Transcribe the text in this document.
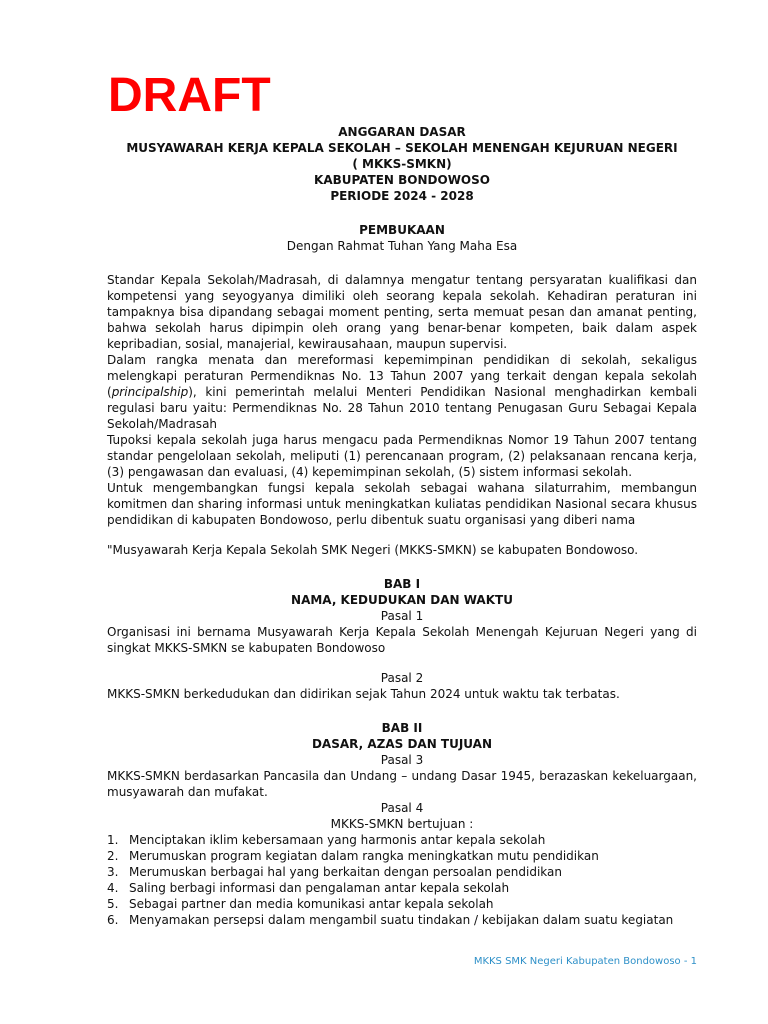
DRAFT

ANGGARAN DASAR

MUSYAWARAH KERJA KEPALA SEKOLAH – SEKOLAH MENENGAH KEJURUAN NEGERI

( MKKS-SMKN)

KABUPATEN BONDOWOSO

PERIODE 2024 - 2028

PEMBUKAAN

Dengan Rahmat Tuhan Yang Maha Esa

Standar Kepala Sekolah/Madrasah, di dalamnya mengatur tentang persyaratan kualifikasi dan kompetensi yang seyogyanya dimiliki oleh seorang kepala sekolah. Kehadiran peraturan ini tampaknya bisa dipandang sebagai moment penting, serta memuat pesan dan amanat penting, bahwa sekolah harus dipimpin oleh orang yang benar-benar kompeten, baik dalam aspek kepribadian, sosial, manajerial, kewirausahaan, maupun supervisi.

Dalam rangka menata dan mereformasi kepemimpinan pendidikan di sekolah, sekaligus melengkapi peraturan Permendiknas No. 13 Tahun 2007 yang terkait dengan kepala sekolah (principalship), kini pemerintah melalui Menteri Pendidikan Nasional menghadirkan kembali regulasi baru yaitu: Permendiknas No. 28 Tahun 2010 tentang Penugasan Guru Sebagai Kepala Sekolah/Madrasah

Tupoksi kepala sekolah juga harus mengacu pada Permendiknas Nomor 19 Tahun 2007 tentang standar pengelolaan sekolah, meliputi (1) perencanaan program, (2) pelaksanaan rencana kerja, (3) pengawasan dan evaluasi, (4) kepemimpinan sekolah, (5) sistem informasi sekolah.

Untuk mengembangkan fungsi kepala sekolah sebagai wahana silaturrahim, membangun komitmen dan sharing informasi untuk meningkatkan kuliatas pendidikan Nasional secara khusus pendidikan di kabupaten Bondowoso, perlu dibentuk suatu organisasi yang diberi nama

"Musyawarah Kerja Kepala Sekolah SMK Negeri (MKKS-SMKN) se kabupaten Bondowoso.

BAB I

NAMA, KEDUDUKAN DAN WAKTU

Pasal 1

Organisasi ini bernama Musyawarah Kerja Kepala Sekolah Menengah Kejuruan Negeri yang di singkat MKKS-SMKN se kabupaten Bondowoso

Pasal 2

MKKS-SMKN berkedudukan dan didirikan sejak Tahun 2024 untuk waktu tak terbatas.

BAB II

DASAR, AZAS DAN TUJUAN

Pasal 3

MKKS-SMKN berdasarkan Pancasila dan Undang – undang Dasar 1945, berazaskan kekeluargaan, musyawarah dan mufakat.

Pasal 4

MKKS-SMKN bertujuan :

1. Menciptakan iklim kebersamaan yang harmonis antar kepala sekolah
2. Merumuskan program kegiatan dalam rangka meningkatkan mutu pendidikan
3. Merumuskan berbagai hal yang berkaitan dengan persoalan pendidikan
4. Saling berbagi informasi dan pengalaman antar kepala sekolah
5. Sebagai partner dan media komunikasi antar kepala sekolah
6. Menyamakan persepsi dalam mengambil suatu tindakan / kebijakan dalam suatu kegiatan
MKKS SMK Negeri Kabupaten Bondowoso - 1
